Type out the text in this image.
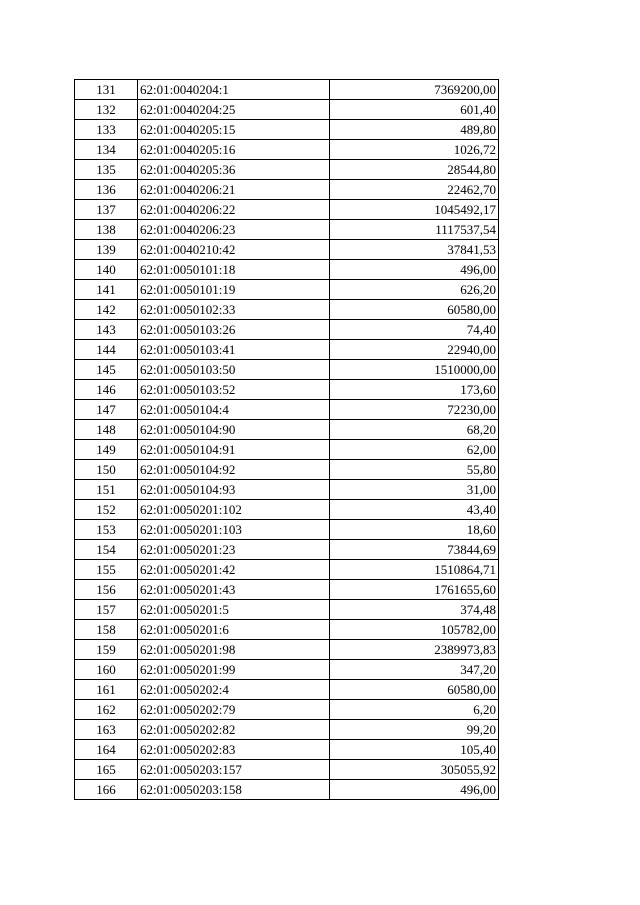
131	62:01:0040204:1	7369200,00
132	62:01:0040204:25	601,40
133	62:01:0040205:15	489,80
134	62:01:0040205:16	1026,72
135	62:01:0040205:36	28544,80
136	62:01:0040206:21	22462,70
137	62:01:0040206:22	1045492,17
138	62:01:0040206:23	1117537,54
139	62:01:0040210:42	37841,53
140	62:01:0050101:18	496,00
141	62:01:0050101:19	626,20
142	62:01:0050102:33	60580,00
143	62:01:0050103:26	74,40
144	62:01:0050103:41	22940,00
145	62:01:0050103:50	1510000,00
146	62:01:0050103:52	173,60
147	62:01:0050104:4	72230,00
148	62:01:0050104:90	68,20
149	62:01:0050104:91	62,00
150	62:01:0050104:92	55,80
151	62:01:0050104:93	31,00
152	62:01:0050201:102	43,40
153	62:01:0050201:103	18,60
154	62:01:0050201:23	73844,69
155	62:01:0050201:42	1510864,71
156	62:01:0050201:43	1761655,60
157	62:01:0050201:5	374,48
158	62:01:0050201:6	105782,00
159	62:01:0050201:98	2389973,83
160	62:01:0050201:99	347,20
161	62:01:0050202:4	60580,00
162	62:01:0050202:79	6,20
163	62:01:0050202:82	99,20
164	62:01:0050202:83	105,40
165	62:01:0050203:157	305055,92
166	62:01:0050203:158	496,00
